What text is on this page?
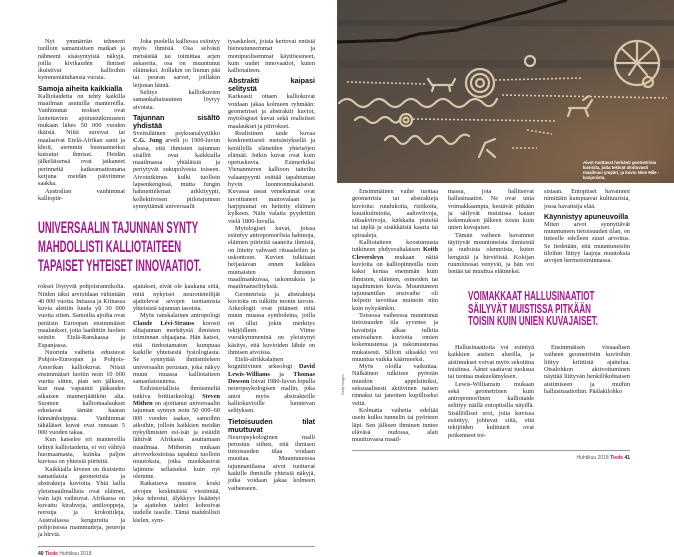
Nyt ymmärrän tehneeni tuolloin samanistisen matkan ja nähneeni sisäsyntyisiä näkyjä, joilla kivikauden ihmiset ikuistivat kallioihin kymmeniätuhansia vuosia.

Samoja aiheita kaikkialla

Kalliotaidetta on tehty kaikilla maailman asutuilla mantereilla. Vanhimmat teokset ovat luotettavien ajoitustutkimusten mukaan lähes 50 000 vuoden ikäisiä. Niitä sursivat tai maalasivat Etelä-Afrikan sanit ja khoit, aiemmin busmanneiksi kutsutut ihmiset. Heidän jälkeläisensä ovat jatkaneet perinnettä katkeamattomana ketjuna meidän päiviimme saakka.

Australian vanhimmat kalliopiir-

Joka puolella kalliossa esiintyy myös ihmisiä. Osa selvästi metsästää tai toimittaa arjen askareita, osa on muuntunut eläimeksi. Joillakin on linnun pää tai peuran sarvet, joillakin leijonan häntä.

Selitys kalliokuvien samankaltaisuuteen löytyy aivoista.

Tajunnan sisältö yhdistää

Sveitsiläinen psykoanalyytikko C.G. Jung arveli jo 1900-luvun alussa, että ihmisten tajunnan sisällöt ovat kaikkialla maailmassa yhtäläisiä ja periytyvät sukupolvesta toiseen. Aivotutkimus kulki tuolloin lapsenkengissä, mutta Jungin hahmottelemat arkkityypit, kollektiivisen piilotajunnan synnyttämät universaalit

tysaskeleet, joista kertovat entistä hienostuneemmat ja monipuolisemmat käyttöesineet, kuin uudet innovaatiot, kuten kalliotaiteen.

Abstrakti kaipasi selitystä

Karkeasti ottaen kalliokuvat voidaan jakaa kolmeen ryhmään: geometriset ja abstraktit kuviot, mytologiset kuvat sekä realistiset maalaukset ja piirrokset.

Realistinen taide kuvaa konkreettisesti metsästyksellä ja keräilyllä eläneiden yhteisöjen elämää. Jotkin kuvat ovat kuin opetuskuvia. Esimerkiksi Vienanmeren kallioon taiteiltu valaanpyynti esittää tapahtuman hyvin luonnonmukaisesti. Kuvassa useat venekunnat ovat tavoittaneet maitovalaan ja harppuunat on heitetty eläimen kylkeen. Näin valaita pyydettiin vielä 1800-luvulla.

Mytologiset kuvat, joissa esiintyy antropomorfisia hahmoja, eläimen piirteitä saaneita ihmisiä, on liitetty vahvasti rituaaleihin ja uskontoon. Kuvien tulkitaan heijastavan ennen kaikkea muinaisten ihmisten maailmankuvaa, uskomuksia ja maailmanselityksiä.

Geometrisia ja abstrakteja kuvioita on tulkittu monin tavoin. Arkeologit ovat pitäneet niitä muun muassa symboleina, joilla on ollut jokin merkitys tekijöilleen. Viime vuosikymmeninä on yleistynyt käsitys, että kuvioiden lähde on ihmisen aivoissa.

Etelä-afrikkalainen kognitiivinen arkeologi David Lewis-Williams ja Thomas Dowson loivat 1980-luvun lopulla neuropsykologisen mallin, joka antoi myös abstrakteille kalliokuvioille luontevan selityksen.

Tietoisuuden tilat muuttuvat

Neuropsykologinen malli perustuu siihen, että ihmisen tietoisuuden tilaa voidaan muuttaa. Muuntuneessa tajunnantilassa aivot tuottavat kaikille ihmisille yhteisiä näkyjä, jotka voidaan jakaa kolmeen vaiheeseen.

UNIVERSAALIN TAJUNNAN SYNTY
MAHDOLLISTI KALLIOTAITEEN
TAPAISET YHTEISET INNOVAATIOT.

rokset löytyvät pohjoisrannikolta. Niiden iäksi arvioidaan vähintään 40 000 vuotta. Intiassa ja Kiinassa kuvia alettiin luoda yli 30 000 vuotta sitten. Samoilta ajoilta ovat peräisin Euroopan ensimmäiset maalaukset, joita laadittiin luolien seiniin Etelä-Ranskassa ja Espanjassa.

Nuorinta vaihetta edustavat Pohjois-Euroopan ja Pohjois-Amerikan kalliokuvat. Niistä ensimmäiset luotiin noin 10 000 vuotta sitten, pian sen jälkeen, kun maa vapautui jääkauden aikaisen mannerjäätikön alta. Suomen kalliomaalaukset edustavat tämän haaran hännänhuippua. Vanhimmat täkäläiset kuvat ovat runsaan 5 000 vuoden takaa.

Kun katselee eri mantereilla tehtyä kalliotaidetta, ei voi välttyä huomaamasta, kuinka paljon kuvissa on yhteisiä piirteitä.

Kaikkialla kiveen on ikuistettu samanlaisia geometrisia ja abstrakteja kuvioita. Yhtä lailla yleismaailmallisia ovat eläimet, vain lajit vaihtuvat. Afrikassa on kuvattu kirahveja, antilooppeja, norsuja ja krokotiileja, Australiassa kenguruita ja pohjoisessa mammutteja, peuroja ja hirviä.

ajatukset, eivät ole kaukana siitä, mitä nykyiset neurotieteilijät ajattelevat aivojen tuottamista yhteisistä tajunnan tasoista.

Myös ranskalainen antropologi Claude Lévi-Strauss korosti alitajunnan merkitystä ihmisten toiminnan ohjaajana. Hän katsoi, että tiedostamaton kumpuaa kaikille yhteisestä fysiologiasta. Se synnyttää ihmismieleen universaalin perustan, joka näkyy muun muassa kalliotaiteen samanlaisuutena.

Esihistoriallista ihmismieltä tutkiva brittiarkeologi Steven Mithen on ajoittanut universaalin tajunnan synnyn noin 50 000–60 000 vuoden taakse, samoihin aikoihin, jolloin kaikkien meidän nykyihmisten esi-isät ja esiäidit lähtivät Afrikasta asuttamaan maailmaa. Mithenin mukaan aivoverkostoissa tapahtui tuolloin muutoksia, jotka muokkasivat lajimme sellaiseksi kuin nyt olemme.

Ratkaiseva muutos koski aivojen keskinäistä viestintää, joka tehostui, älykkyys lisääntyi ja ajattelun taidot kohosivat uudelle tasolle. Tämä mahdollisti kielen, sym-

40 Tiede Huhtikuu 2018
Aivot tuottavat herkästi geometrisia kuvioita, joita tekivät ulottuvasti maailman ympäri, ja kuvio Nine Mile -kanjonista.
Getty Images

Ensimmäinen vaihe tuottaa geometrisia tai abstrakteja kuvioita: ruudukoita, ristikoita, kuusikulmioita, aaltoviivoja, siksakviivoja, kirkkaita pisteitä tai täpliä ja sisäkkäisiä kaaria tai spiraaleja.

Kalliotaiteen koostumusta tutkineen yhdysvaltalaisen Keith Cleversleyn mukaan näitä kuvioita on kalliopinnoilla noin kaksi kertaa enemmän kuin ihmisten, eläinten, esineiden tai tapahtumien kuvia. Muuntuneen tajunnantilan ensivaihe oli helpoin tavoittaa muinoin niin kuin nykyäänkin.

Toisessa vaiheessa muuntunut tietoisuuden tila syvenee ja havaitsija alkaa tulkita ensivaiheen kuvioita omien kokemustensa ja uskomustensa mukaisesti. Silloin siksakki voi muuntua vaikka käärmeeksi.

Myös oloilla vaikuttaa. Nälkäinen tulkitsee pyöreän muodon appelsiiniksi, seksuaalisesti aktiivinen naisen rinnaksi tai janoinen kupilliseksi vettä.

Kolmatta vaihetta edeltää usein kulku tunnelin tai pyörteen läpi. Sen jälkeen ihminen tuntee eläväsä oudossa, alati muuttuvassa maail-

massa, jota hallitsevat hallusinaatiot. Ne ovat unia voimakkaampia, kestävät pitkään ja säilyvät muistissa kauan kokemuksen jälkeen toisin kuin unien kuvajaiset.

Tämän vaiheen havainnot täyttyvät muuntuneista ihmisistä ja oudoista olennoista, kuten hengistä ja hirviöistä. Kokijan ruumiinosat venyvät, ja hän voi lentää tai muuttua eläimeksi.

sistaan. Entoptiset havainnot nimittäin kumpuavat kulttuurista, jossa havaitsija elää.

Käynnistyy apuneuvoilla

Miten aivot synnyttävät muuntuneen tietoisuuden tilan, on tieteelle edelleen suuri arvoitus. Se tiedetään, että muuntuneisiin tiloihin liittyy laajoja muutoksia aivojen hermotoiminnassa.

VOIMAKKAAT HALLUSINAATIOT
SÄILYVÄT MUISTISSA PITKÄÄN
TOISIN KUIN UNIEN KUVAJAISET.

Hallusinaatioita voi esiintyä kaikkien aistien alueilla, ja aistimukset voivat myös sekoittua toisiinsa. Äänet saattavat tuoksua tai tuottaa makuelämyksen.

Lewis-Williamsin mukaan sekä geometrinen kuin antropomorfinen kalliotaide selittyy näillä entoptisilla näyillä. Sisällölliset erot, joita kuvissa esiintyy, johtuvat siitä, että tekijöiden kulttuurit ovat poikenneet toi-

Ensimmäisen visuaalisen vaiheen geometrisiin kuvioihin liittyy kriittistä ajattelua. Otsalohkon aktivoituminen näyttää liittyvän henkilökohtaisen aistimiseen ja muihin hallusinaatioihin. Päälakilohko

Huhtikuu 2018 Tiede 41
